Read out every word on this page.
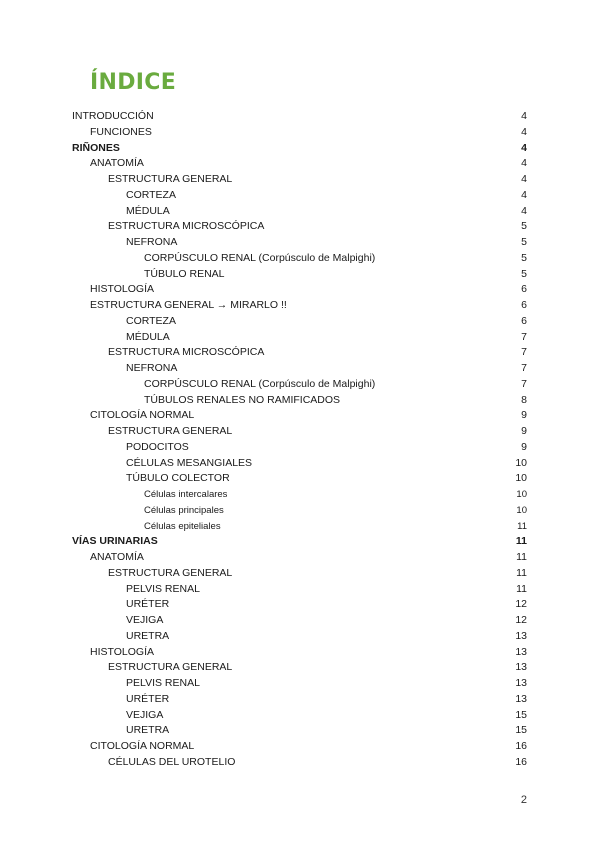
ÍNDICE
INTRODUCCIÓN	4
FUNCIONES	4
RIÑONES	4
ANATOMÍA	4
ESTRUCTURA GENERAL	4
CORTEZA	4
MÉDULA	4
ESTRUCTURA MICROSCÓPICA	5
NEFRONA	5
CORPÚSCULO RENAL (Corpúsculo de Malpighi)	5
TÚBULO RENAL	5
HISTOLOGÍA	6
ESTRUCTURA GENERAL → MIRARLO !!	6
CORTEZA	6
MÉDULA	7
ESTRUCTURA MICROSCÓPICA	7
NEFRONA	7
CORPÚSCULO RENAL (Corpúsculo de Malpighi)	7
TÚBULOS RENALES NO RAMIFICADOS	8
CITOLOGÍA NORMAL	9
ESTRUCTURA GENERAL	9
PODOCITOS	9
CÉLULAS MESANGIALES	10
TÚBULO COLECTOR	10
Células intercalares	10
Células principales	10
Células epiteliales	11
VÍAS URINARIAS	11
ANATOMÍA	11
ESTRUCTURA GENERAL	11
PELVIS RENAL	11
URÉTER	12
VEJIGA	12
URETRA	13
HISTOLOGÍA	13
ESTRUCTURA GENERAL	13
PELVIS RENAL	13
URÉTER	13
VEJIGA	15
URETRA	15
CITOLOGÍA NORMAL	16
CÉLULAS DEL UROTELIO	16
2
